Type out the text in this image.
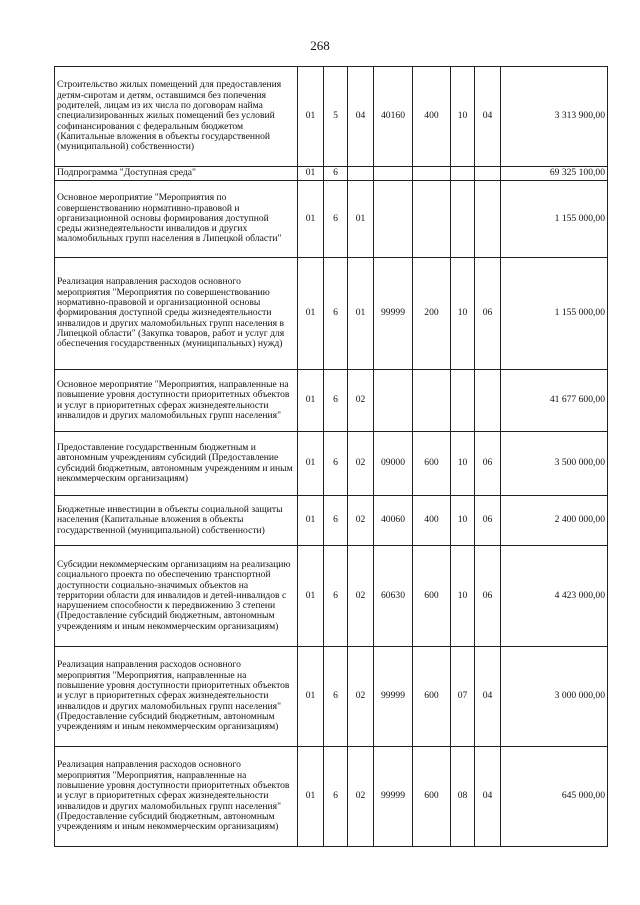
268
Строительство жилых помещений для предоставления детям-сиротам и детям, оставшимся без попечения родителей, лицам из их числа по договорам найма специализированных жилых помещений без условий софинансирования с федеральным бюджетом (Капитальные вложения в объекты государственной (муниципальной) собственности)	01	5	04	40160	400	10	04	3 313 900,00
Подпрограмма "Доступная среда"	01	6						69 325 100,00
Основное мероприятие "Мероприятия по совершенствованию нормативно-правовой и организационной основы формирования доступной среды жизнедеятельности инвалидов и других маломобильных групп населения в Липецкой области"	01	6	01					1 155 000,00
Реализация направления расходов основного мероприятия "Мероприятия по совершенствованию нормативно-правовой и организационной основы формирования доступной среды жизнедеятельности инвалидов и других маломобильных групп населения в Липецкой области" (Закупка товаров, работ и услуг для обеспечения государственных (муниципальных) нужд)	01	6	01	99999	200	10	06	1 155 000,00
Основное мероприятие "Мероприятия, направленные на повышение уровня доступности приоритетных объектов и услуг в приоритетных сферах жизнедеятельности инвалидов и других маломобильных групп населения"	01	6	02					41 677 600,00
Предоставление государственным бюджетным и автономным учреждениям субсидий (Предоставление субсидий бюджетным, автономным учреждениям и иным некоммерческим организациям)	01	6	02	09000	600	10	06	3 500 000,00
Бюджетные инвестиции в объекты социальной защиты населения (Капитальные вложения в объекты государственной (муниципальной) собственности)	01	6	02	40060	400	10	06	2 400 000,00
Субсидии некоммерческим организациям на реализацию социального проекта по обеспечению транспортной доступности социально-значимых объектов на территории области для инвалидов и детей-инвалидов с нарушением способности к передвижению 3 степени (Предоставление субсидий бюджетным, автономным учреждениям и иным некоммерческим организациям)	01	6	02	60630	600	10	06	4 423 000,00
Реализация направления расходов основного мероприятия "Мероприятия, направленные на повышение уровня доступности приоритетных объектов и услуг в приоритетных сферах жизнедеятельности инвалидов и других маломобильных групп населения" (Предоставление субсидий бюджетным, автономным учреждениям и иным некоммерческим организациям)	01	6	02	99999	600	07	04	3 000 000,00
Реализация направления расходов основного мероприятия "Мероприятия, направленные на повышение уровня доступности приоритетных объектов и услуг в приоритетных сферах жизнедеятельности инвалидов и других маломобильных групп населения" (Предоставление субсидий бюджетным, автономным учреждениям и иным некоммерческим организациям)	01	6	02	99999	600	08	04	645 000,00
